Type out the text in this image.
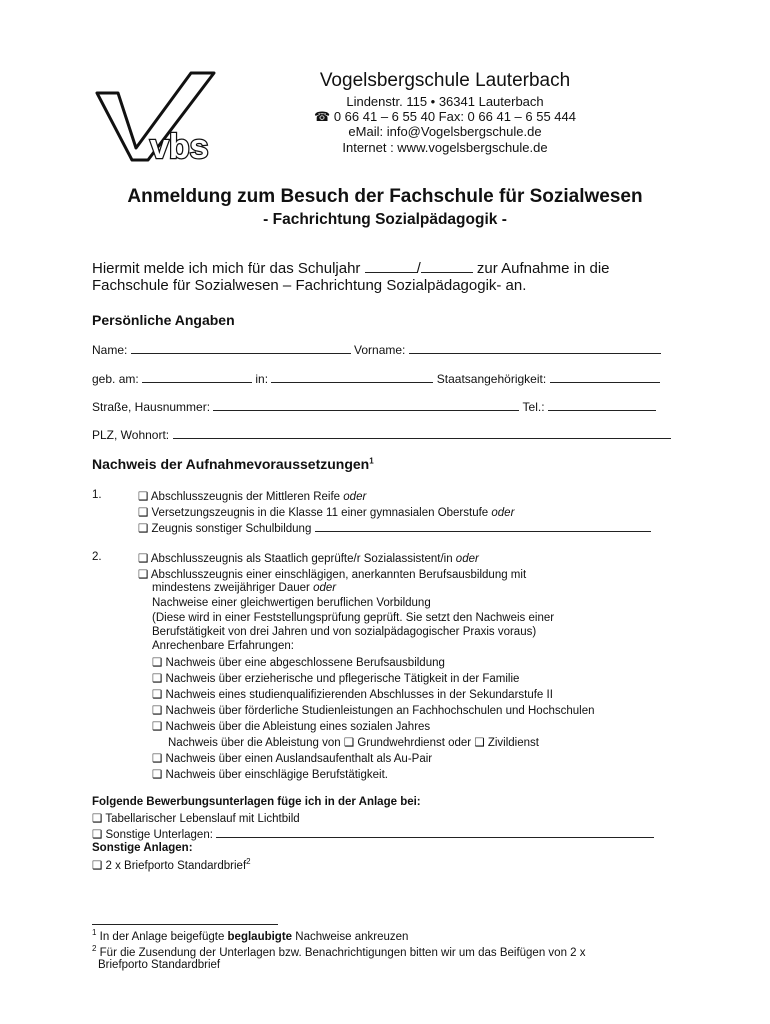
vbs
Vogelsbergschule Lauterbach
Lindenstr. 115 • 36341 Lauterbach
☎ 0 66 41 – 6 55 40 Fax: 0 66 41 – 6 55 444
eMail: info@Vogelsbergschule.de
Internet : www.vogelsbergschule.de
Anmeldung zum Besuch der Fachschule für Sozialwesen
- Fachrichtung Sozialpädagogik -
Hiermit melde ich mich für das Schuljahr	/	zur Aufnahme in die
Fachschule für Sozialwesen – Fachrichtung Sozialpädagogik- an.
Persönliche Angaben
Name:	Vorname:
geb. am:	in:	Staatsangehörigkeit:
Straße, Hausnummer:	Tel.:
PLZ, Wohnort:
Nachweis der Aufnahmevoraussetzungen$^1$
1.	❑ Abschlusszeugnis der Mittleren Reife oder
❑ Versetzungszeugnis in die Klasse 11 einer gymnasialen Oberstufe oder
❑ Zeugnis sonstiger Schulbildung
2.	❑ Abschlusszeugnis als Staatlich geprüfte/r Sozialassistent/in oder
❑ Abschlusszeugnis einer einschlägigen, anerkannten Berufsausbildung mit
mindestens zweijähriger Dauer oder
Nachweise einer gleichwertigen beruflichen Vorbildung
(Diese wird in einer Feststellungsprüfung geprüft. Sie setzt den Nachweis einer
Berufstätigkeit von drei Jahren und von sozialpädagogischer Praxis voraus)
Anrechenbare Erfahrungen:
❑ Nachweis über eine abgeschlossene Berufsausbildung
❑ Nachweis über erzieherische und pflegerische Tätigkeit in der Familie
❑ Nachweis eines studienqualifizierenden Abschlusses in der Sekundarstufe II
❑ Nachweis über förderliche Studienleistungen an Fachhochschulen und Hochschulen
❑ Nachweis über die Ableistung eines sozialen Jahres
Nachweis über die Ableistung von ❑ Grundwehrdienst oder ❑ Zivildienst
❑ Nachweis über einen Auslandsaufenthalt als Au-Pair
❑ Nachweis über einschlägige Berufstätigkeit.
Folgende Bewerbungsunterlagen füge ich in der Anlage bei:
❑ Tabellarischer Lebenslauf mit Lichtbild
❑ Sonstige Unterlagen:
Sonstige Anlagen:
❑ 2 x Briefporto Standardbrief$^2$
$^1$ In der Anlage beigefügte beglaubigte Nachweise ankreuzen
$^2$ Für die Zusendung der Unterlagen bzw. Benachrichtigungen bitten wir um das Beifügen von 2 x
Briefporto Standardbrief
